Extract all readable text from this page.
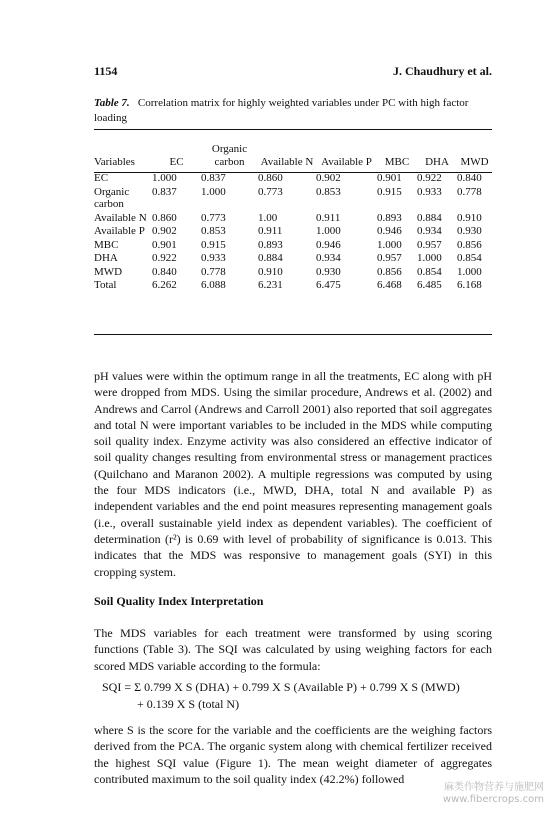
1154	J. Chaudhury et al.
Table 7. Correlation matrix for highly weighted variables under PC with high factor loading
Variables	EC	Organic carbon	Available N	Available P	MBC	DHA	MWD
EC	1.000	0.837	0.860	0.902	0.901	0.922	0.840
Organic carbon	0.837	1.000	0.773	0.853	0.915	0.933	0.778
Available N	0.860	0.773	1.00	0.911	0.893	0.884	0.910
Available P	0.902	0.853	0.911	1.000	0.946	0.934	0.930
MBC	0.901	0.915	0.893	0.946	1.000	0.957	0.856
DHA	0.922	0.933	0.884	0.934	0.957	1.000	0.854
MWD	0.840	0.778	0.910	0.930	0.856	0.854	1.000
Total	6.262	6.088	6.231	6.475	6.468	6.485	6.168
pH values were within the optimum range in all the treatments, EC along with pH were dropped from MDS. Using the similar procedure, Andrews et al. (2002) and Andrews and Carrol (Andrews and Carroll 2001) also reported that soil aggregates and total N were important variables to be included in the MDS while computing soil quality index. Enzyme activity was also considered an effective indicator of soil quality changes resulting from environmental stress or management practices (Quilchano and Maranon 2002). A multiple regressions was computed by using the four MDS indicators (i.e., MWD, DHA, total N and available P) as independent variables and the end point measures representing management goals (i.e., overall sustainable yield index as dependent variables). The coefficient of determination (r²) is 0.69 with level of probability of significance is 0.013. This indicates that the MDS was responsive to management goals (SYI) in this cropping system.
Soil Quality Index Interpretation
The MDS variables for each treatment were transformed by using scoring functions (Table 3). The SQI was calculated by using weighing factors for each scored MDS variable according to the formula:
SQI = Σ 0.799 X S (DHA) + 0.799 X S (Available P) + 0.799 X S (MWD)
+ 0.139 X S (total N)
where S is the score for the variable and the coefficients are the weighing factors derived from the PCA. The organic system along with chemical fertilizer received the highest SQI value (Figure 1). The mean weight diameter of aggregates contributed maximum to the soil quality index (42.2%) followed
麻类作物营养与施肥网
www.fibercrops.com
